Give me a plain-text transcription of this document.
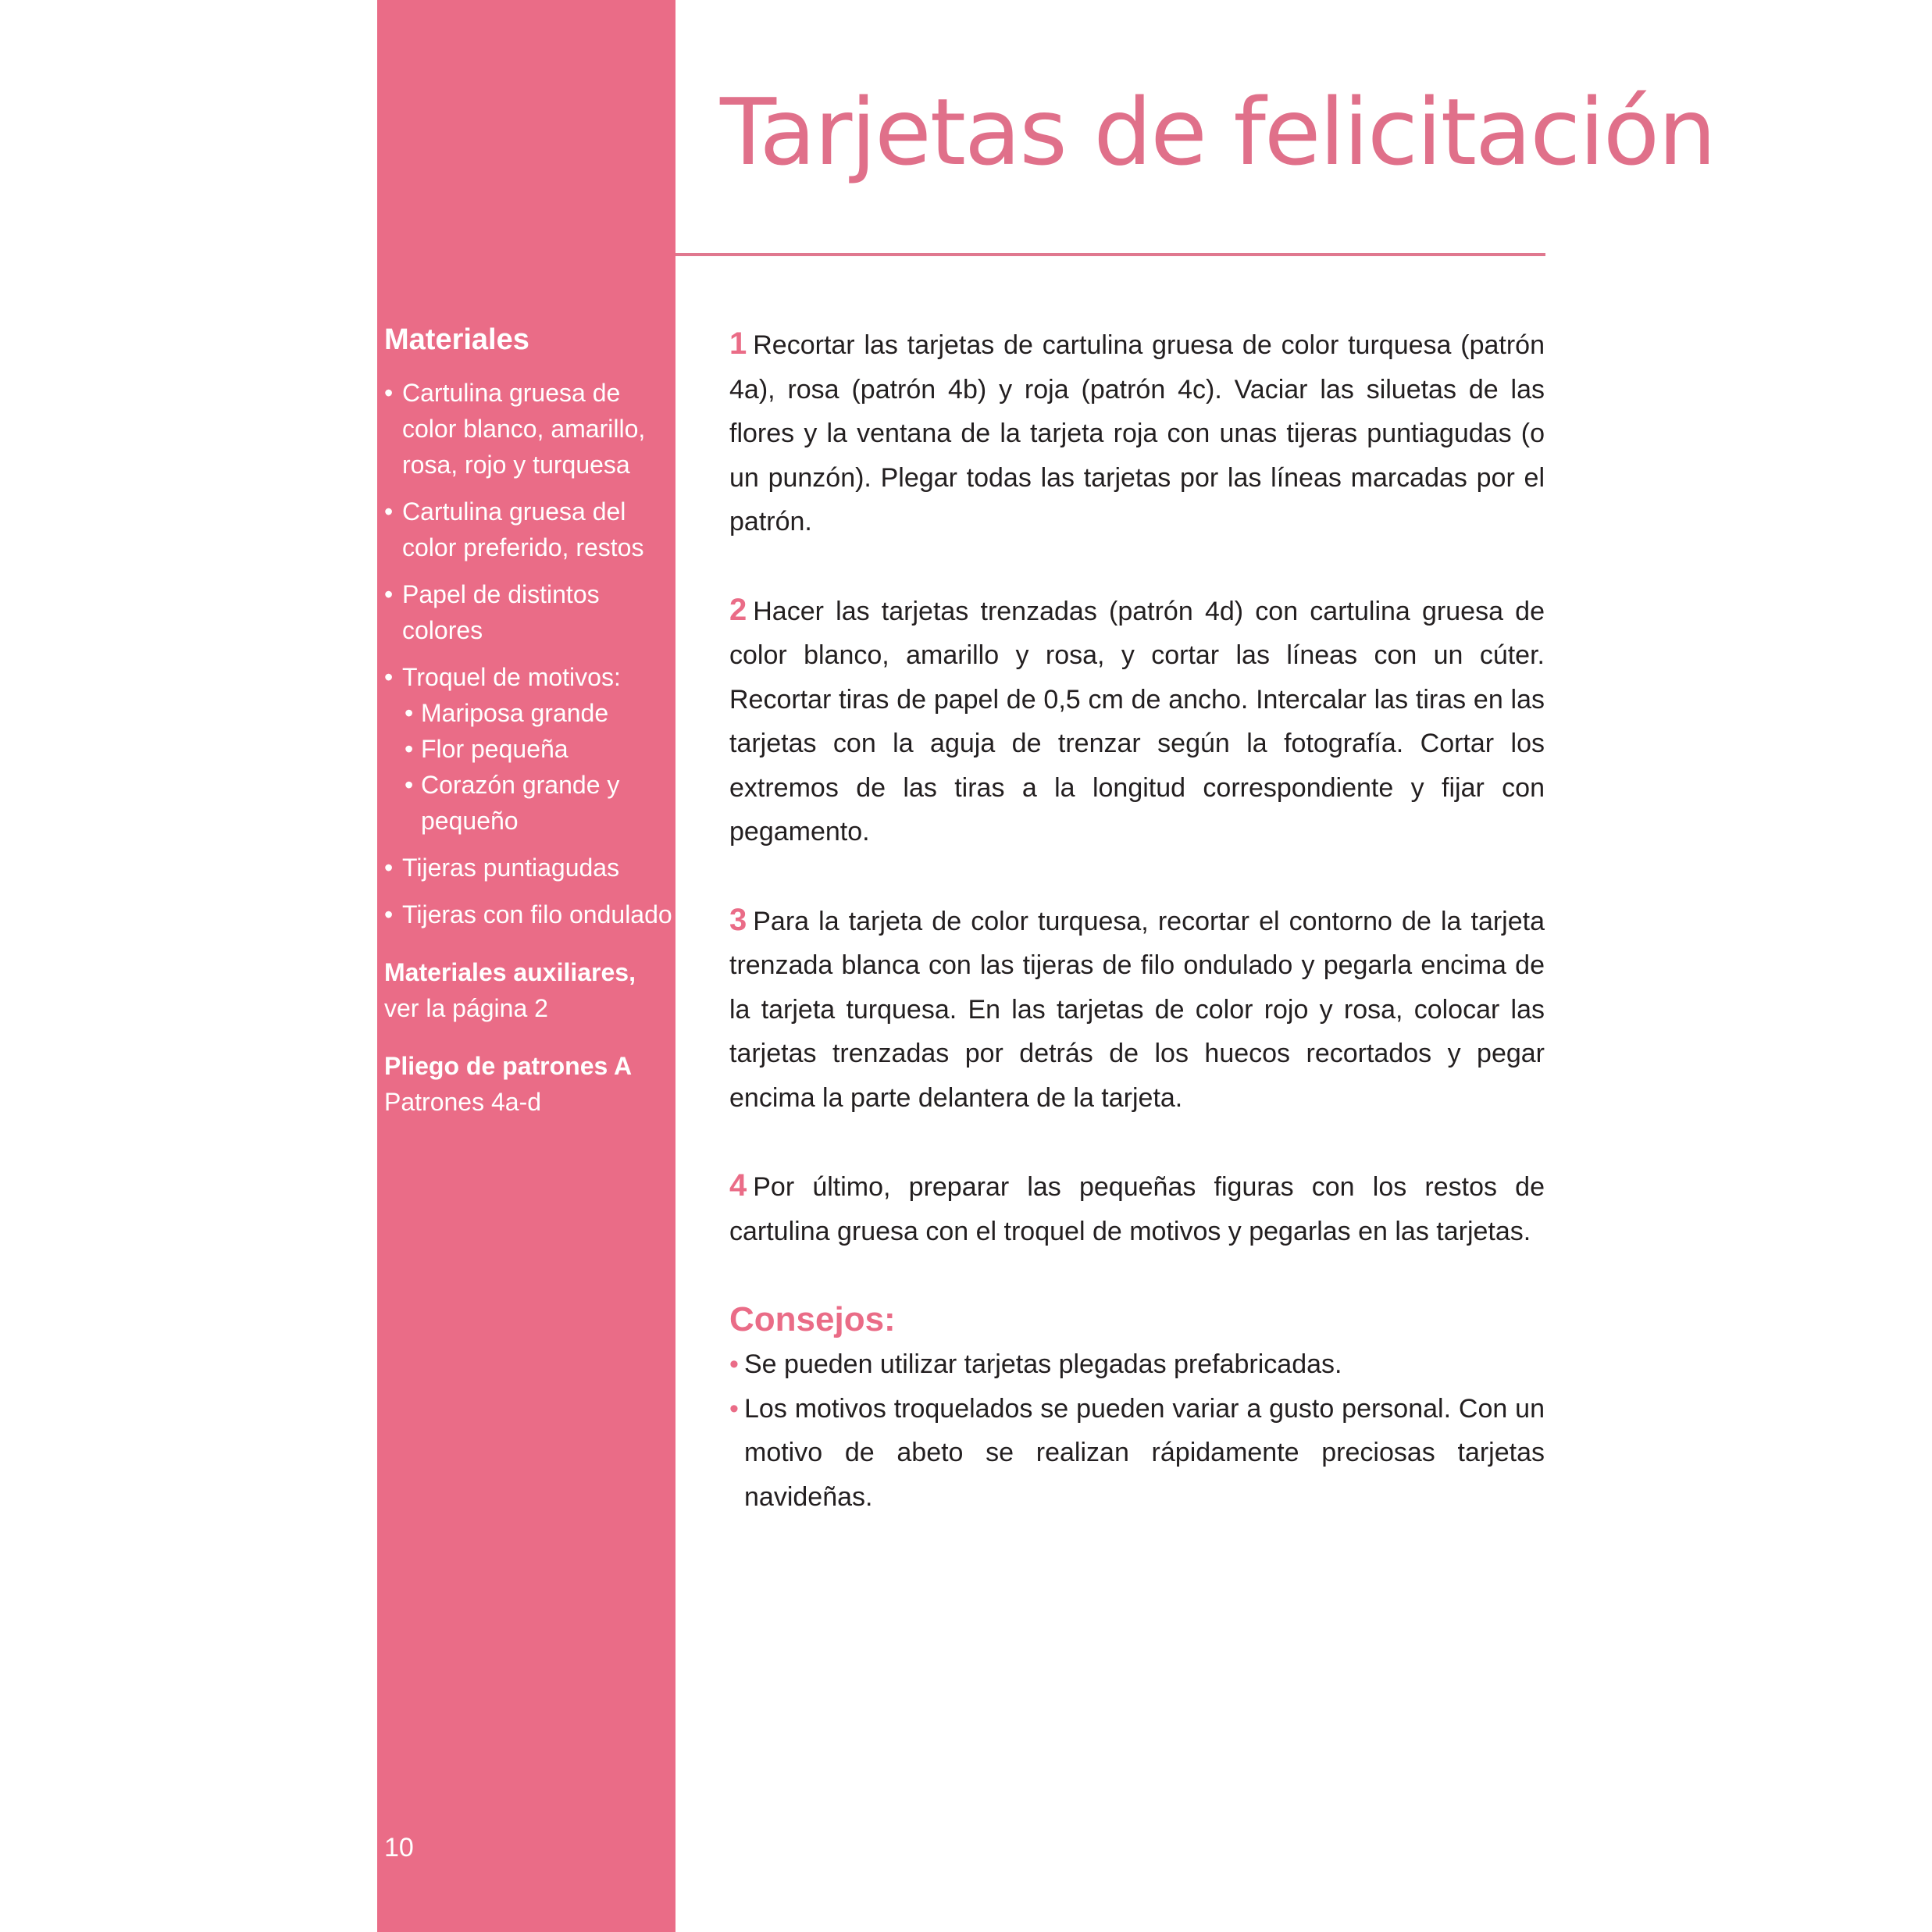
Materiales
• Cartulina gruesa de color blanco, amarillo, rosa, rojo y turquesa
• Cartulina gruesa del color preferido, restos
• Papel de distintos colores
• Troquel de motivos:
• Mariposa grande
• Flor pequeña
• Corazón grande y pequeño
• Tijeras puntiagudas
• Tijeras con filo ondulado
Materiales auxiliares,
ver la página 2
Pliego de patrones A
Patrones 4a-d
10
Tarjetas de felicitación

1 Recortar las tarjetas de cartulina gruesa de color turquesa (patrón 4a), rosa (patrón 4b) y roja (patrón 4c). Vaciar las siluetas de las flores y la ventana de la tarjeta roja con unas tijeras puntiagudas (o un punzón). Plegar todas las tarjetas por las líneas marcadas por el patrón.

2 Hacer las tarjetas trenzadas (patrón 4d) con cartulina gruesa de color blanco, amarillo y rosa, y cortar las líneas con un cúter. Recortar tiras de papel de 0,5 cm de ancho. Intercalar las tiras en las tarjetas con la aguja de trenzar según la fotografía. Cortar los extremos de las tiras a la longitud correspondiente y fijar con pegamento.

3 Para la tarjeta de color turquesa, recortar el contorno de la tarjeta trenzada blanca con las tijeras de filo ondulado y pegarla encima de la tarjeta turquesa. En las tarjetas de color rojo y rosa, colocar las tarjetas trenzadas por detrás de los huecos recortados y pegar encima la parte delantera de la tarjeta.

4 Por último, preparar las pequeñas figuras con los restos de cartulina gruesa con el troquel de motivos y pegarlas en las tarjetas.

Consejos:
• Se pueden utilizar tarjetas plegadas prefabricadas.
• Los motivos troquelados se pueden variar a gusto personal. Con un motivo de abeto se realizan rápidamente preciosas tarjetas navideñas.
